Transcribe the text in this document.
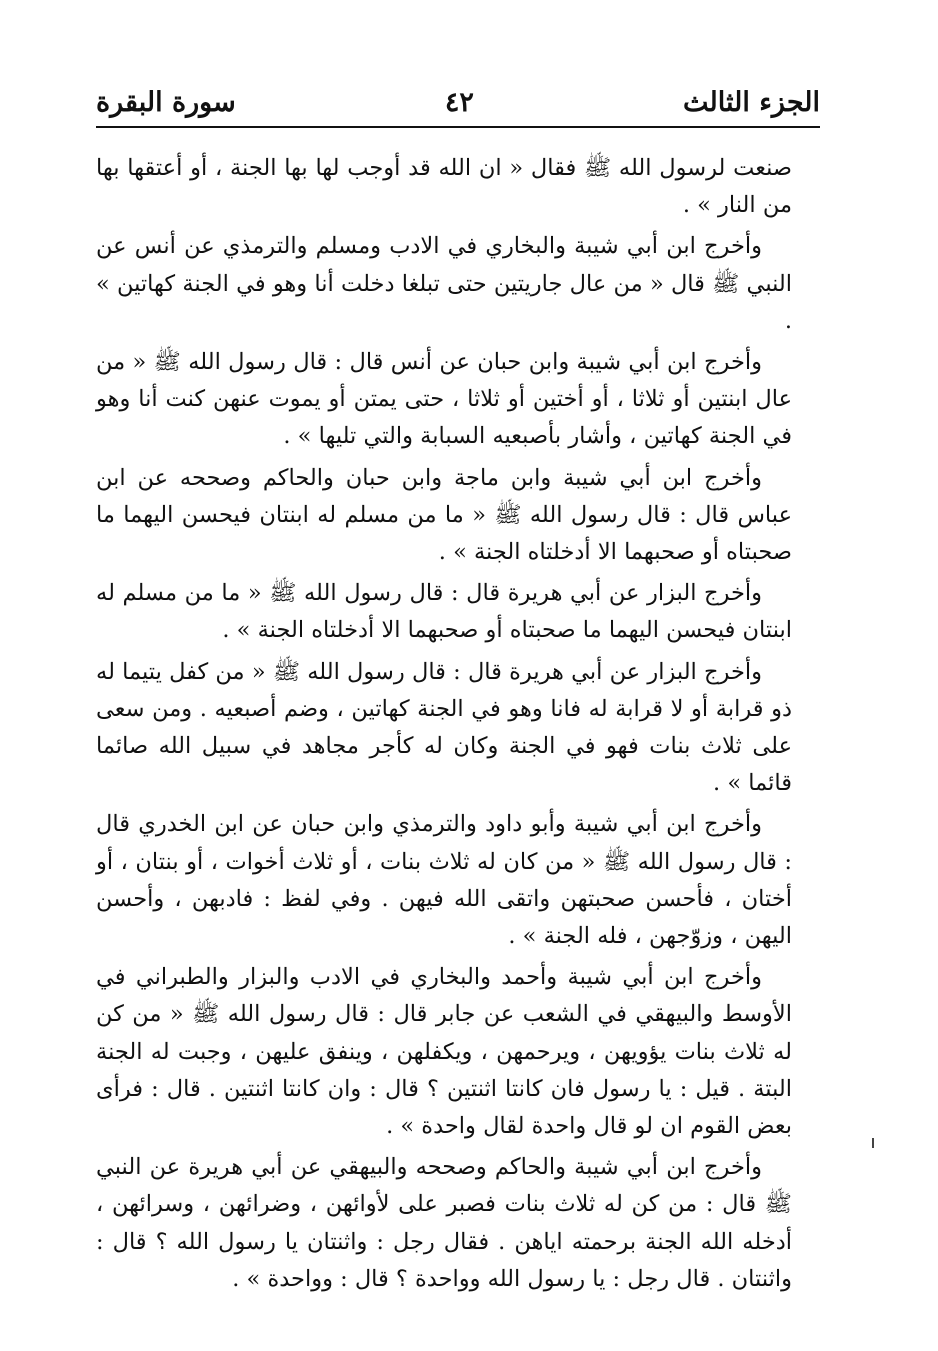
الجزء الثالث
٤٢
سورة البقرة

صنعت لرسول الله ﷺ فقال « ان الله قد أوجب لها بها الجنة ، أو أعتقها بها من النار » .

وأخرج ابن أبي شيبة والبخاري في الادب ومسلم والترمذي عن أنس عن النبي ﷺ قال « من عال جاريتين حتى تبلغا دخلت أنا وهو في الجنة كهاتين » .

وأخرج ابن أبي شيبة وابن حبان عن أنس قال : قال رسول الله ﷺ « من عال ابنتين أو ثلاثا ، أو أختين أو ثلاثا ، حتى يمتن أو يموت عنهن كنت أنا وهو في الجنة كهاتين ، وأشار بأصبعيه السبابة والتي تليها » .

وأخرج ابن أبي شيبة وابن ماجة وابن حبان والحاكم وصححه عن ابن عباس قال : قال رسول الله ﷺ « ما من مسلم له ابنتان فيحسن اليهما ما صحبتاه أو صحبهما الا أدخلتاه الجنة » .

وأخرج البزار عن أبي هريرة قال : قال رسول الله ﷺ « ما من مسلم له ابنتان فيحسن اليهما ما صحبتاه أو صحبهما الا أدخلتاه الجنة » .

وأخرج البزار عن أبي هريرة قال : قال رسول الله ﷺ « من كفل يتيما له ذو قرابة أو لا قرابة له فانا وهو في الجنة كهاتين ، وضم أصبعيه . ومن سعى على ثلاث بنات فهو في الجنة وكان له كأجر مجاهد في سبيل الله صائما قائما » .

وأخرج ابن أبي شيبة وأبو داود والترمذي وابن حبان عن ابن الخدري قال : قال رسول الله ﷺ « من كان له ثلاث بنات ، أو ثلاث أخوات ، أو بنتان ، أو أختان ، فأحسن صحبتهن واتقى الله فيهن . وفي لفظ : فادبهن ، وأحسن اليهن ، وزوّجهن ، فله الجنة » .

وأخرج ابن أبي شيبة وأحمد والبخاري في الادب والبزار والطبراني في الأوسط والبيهقي في الشعب عن جابر قال : قال رسول الله ﷺ « من كن له ثلاث بنات يؤويهن ، ويرحمهن ، ويكفلهن ، وينفق عليهن ، وجبت له الجنة البتة . قيل : يا رسول فان كانتا اثنتين ؟ قال : وان كانتا اثنتين . قال : فرأى بعض القوم ان لو قال واحدة لقال واحدة » .

وأخرج ابن أبي شيبة والحاكم وصححه والبيهقي عن أبي هريرة عن النبي ﷺ قال : من كن له ثلاث بنات فصبر على لأوائهن ، وضرائهن ، وسرائهن ، أدخله الله الجنة برحمته اياهن . فقال رجل : واثنتان يا رسول الله ؟ قال : واثنتان . قال رجل : يا رسول الله وواحدة ؟ قال : وواحدة » .
